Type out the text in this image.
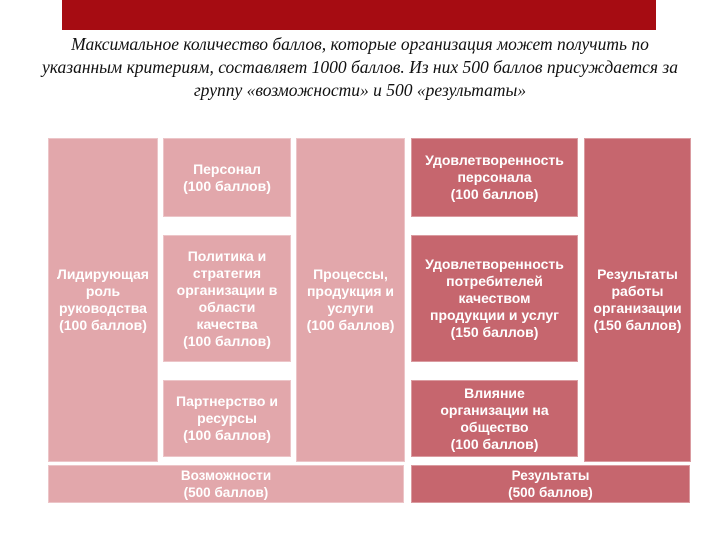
Максимальное количество баллов, которые организация может получить по указанным критериям, составляет 1000 баллов. Из них 500 баллов присуждается за группу «возможности» и 500 «результаты»
Лидирующая
роль
руководства
(100 баллов)
Персонал
(100 баллов)
Политика и
стратегия
организации в
области
качества
(100 баллов)
Партнерство и
ресурсы
(100 баллов)
Процессы,
продукция и
услуги
(100 баллов)
Возможности
(500 баллов)
Удовлетворенность
персонала
(100 баллов)
Удовлетворенность
потребителей
качеством
продукции и услуг
(150 баллов)
Влияние
организации на
общество
(100 баллов)
Результаты
работы
организации
(150 баллов)
Результаты
(500 баллов)
